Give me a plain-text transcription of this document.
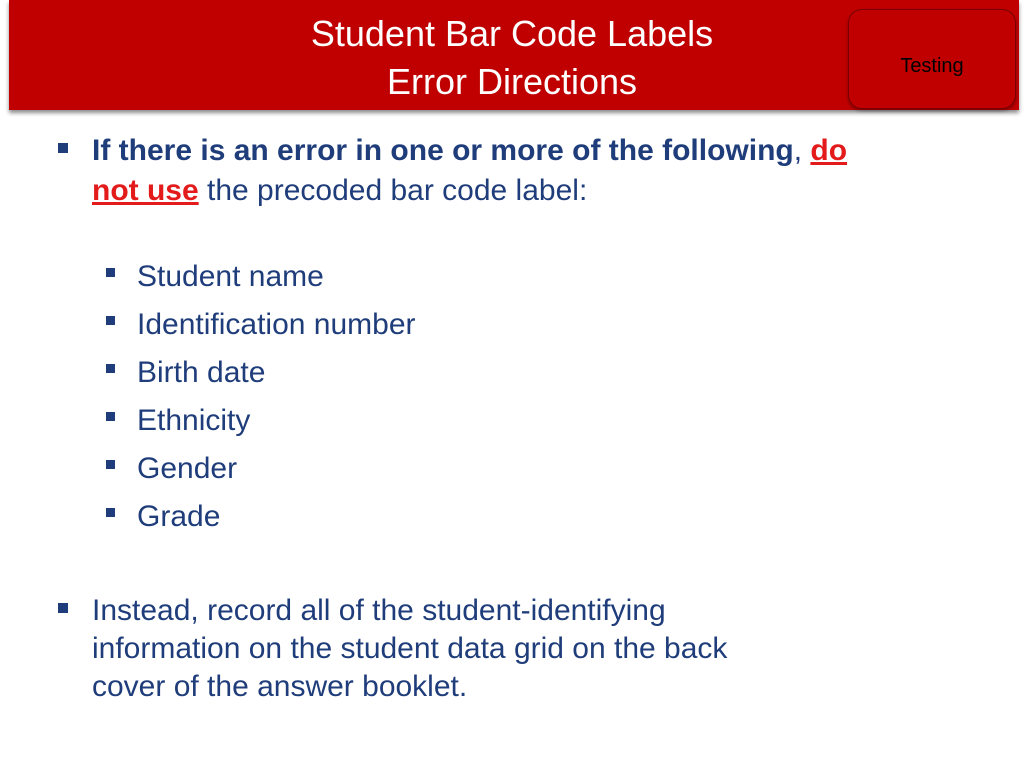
Student Bar Code Labels
Error Directions	Testing
If there is an error in one or more of the following, do
not use the precoded bar code label:
Student name
Identification number
Birth date
Ethnicity
Gender
Grade
Instead, record all of the student-identifying
information on the student data grid on the back
cover of the answer booklet.
